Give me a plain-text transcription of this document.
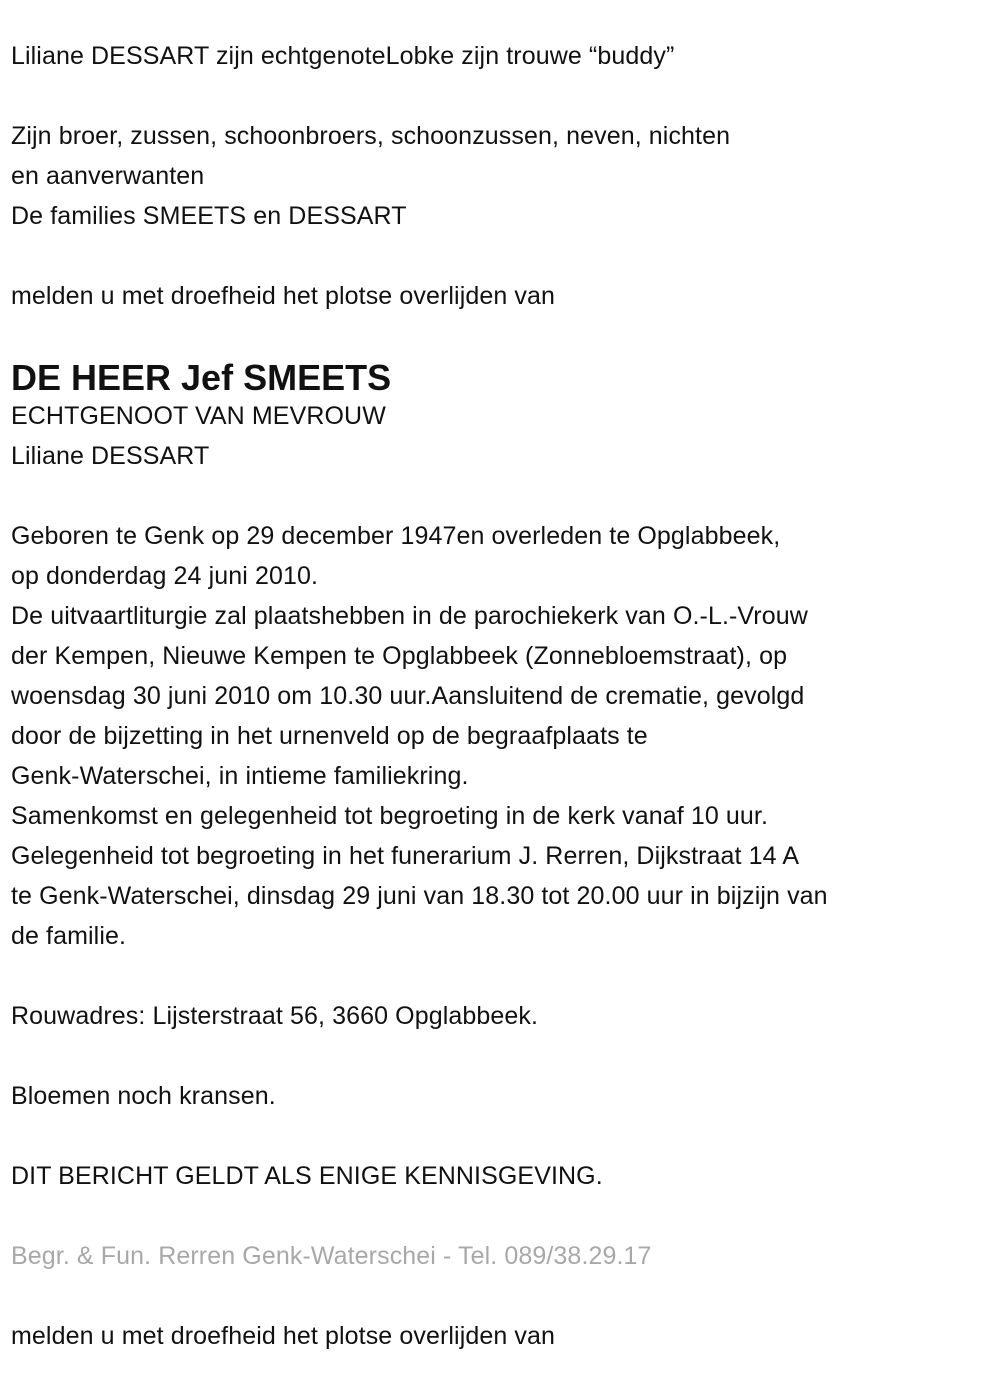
Liliane DESSART zijn echtgenoteLobke zijn trouwe “buddy”
Zijn broer, zussen, schoonbroers, schoonzussen, neven, nichten
en aanverwanten
De families SMEETS en DESSART
melden u met droefheid het plotse overlijden van
DE HEER Jef SMEETS
ECHTGENOOT VAN MEVROUW
Liliane DESSART
Geboren te Genk op 29 december 1947en overleden te Opglabbeek,
op donderdag 24 juni 2010.
De uitvaartliturgie zal plaatshebben in de parochiekerk van O.-L.-Vrouw
der Kempen, Nieuwe Kempen te Opglabbeek (Zonnebloemstraat), op
woensdag 30 juni 2010 om 10.30 uur.Aansluitend de crematie, gevolgd
door de bijzetting in het urnenveld op de begraafplaats te
Genk-Waterschei, in intieme familiekring.
Samenkomst en gelegenheid tot begroeting in de kerk vanaf 10 uur.
Gelegenheid tot begroeting in het funerarium J. Rerren, Dijkstraat 14 A
te Genk-Waterschei, dinsdag 29 juni van 18.30 tot 20.00 uur in bijzijn van
de familie.
Rouwadres: Lijsterstraat 56, 3660 Opglabbeek.
Bloemen noch kransen.
DIT BERICHT GELDT ALS ENIGE KENNISGEVING.
Begr. & Fun. Rerren Genk-Waterschei - Tel. 089/38.29.17
melden u met droefheid het plotse overlijden van
